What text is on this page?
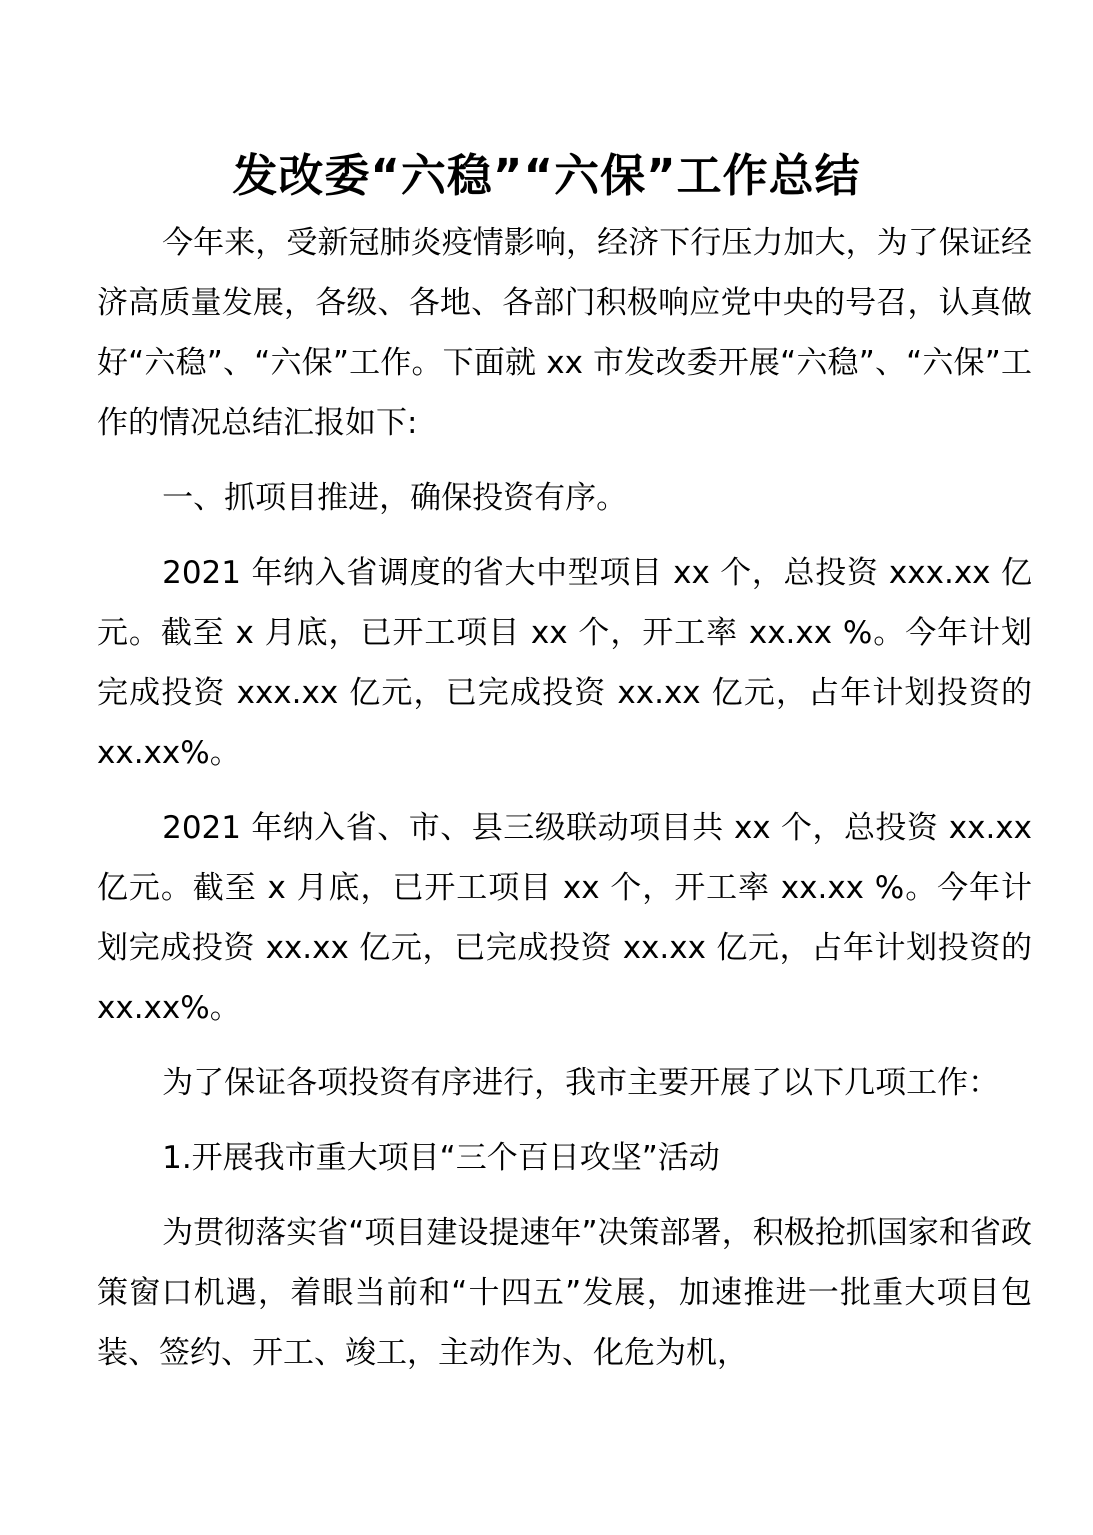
发改委“六稳”“六保”工作总结

今年来，受新冠肺炎疫情影响，经济下行压力加大，为了保证经济高质量发展，各级、各地、各部门积极响应党中央的号召，认真做好“六稳”、“六保”工作。下面就 xx 市发改委开展“六稳”、“六保”工作的情况总结汇报如下:

一、抓项目推进，确保投资有序。

2021 年纳入省调度的省大中型项目 xx 个，总投资 xxx.xx 亿元。截至 x 月底，已开工项目 xx 个，开工率 xx.xx %。今年计划完成投资 xxx.xx 亿元，已完成投资 xx.xx 亿元，占年计划投资的 xx.xx%。

2021 年纳入省、市、县三级联动项目共 xx 个，总投资 xx.xx 亿元。截至 x 月底，已开工项目 xx 个，开工率 xx.xx %。今年计划完成投资 xx.xx 亿元，已完成投资 xx.xx 亿元，占年计划投资的 xx.xx%。

为了保证各项投资有序进行，我市主要开展了以下几项工作：

1.开展我市重大项目“三个百日攻坚”活动

为贯彻落实省“项目建设提速年”决策部署，积极抢抓国家和省政策窗口机遇，着眼当前和“十四五”发展，加速推进一批重大项目包装、签约、开工、竣工，主动作为、化危为机，
